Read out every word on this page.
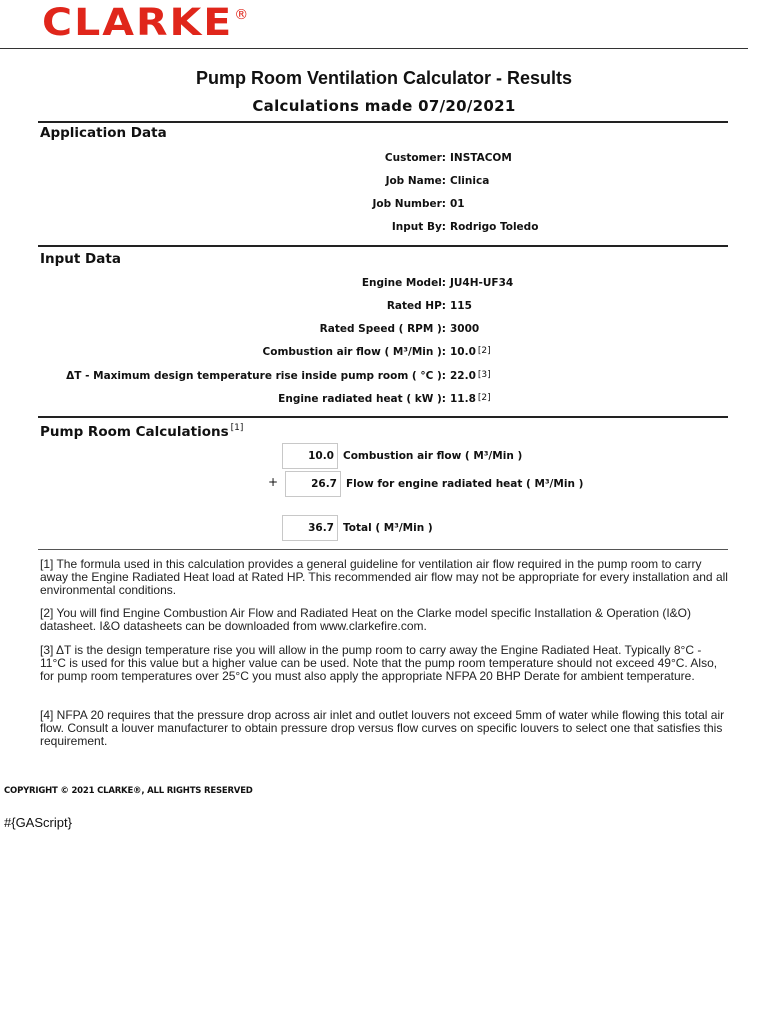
CLARKE ®
Pump Room Ventilation Calculator - Results
Calculations made 07/20/2021
Application Data
Customer: INSTACOM
Job Name: Clinica
Job Number: 01
Input By: Rodrigo Toledo
Input Data
Engine Model: JU4H-UF34
Rated HP: 115
Rated Speed ( RPM ): 3000
Combustion air flow ( M³/Min ): 10.0 [2]
ΔT - Maximum design temperature rise inside pump room ( °C ): 22.0 [3]
Engine radiated heat ( kW ): 11.8 [2]
Pump Room Calculations [1]
10.0 Combustion air flow ( M³/Min )
+	26.7 Flow for engine radiated heat ( M³/Min )
36.7 Total ( M³/Min )

[1] The formula used in this calculation provides a general guideline for ventilation air flow required in the pump room to carry away the Engine Radiated Heat load at Rated HP. This recommended air flow may not be appropriate for every installation and all environmental conditions.

[2] You will find Engine Combustion Air Flow and Radiated Heat on the Clarke model specific Installation & Operation (I&O) datasheet. I&O datasheets can be downloaded from www.clarkefire.com.

[3] ΔT is the design temperature rise you will allow in the pump room to carry away the Engine Radiated Heat. Typically 8°C - 11°C is used for this value but a higher value can be used. Note that the pump room temperature should not exceed 49°C. Also, for pump room temperatures over 25°C you must also apply the appropriate NFPA 20 BHP Derate for ambient temperature.

[4] NFPA 20 requires that the pressure drop across air inlet and outlet louvers not exceed 5mm of water while flowing this total air flow. Consult a louver manufacturer to obtain pressure drop versus flow curves on specific louvers to select one that satisfies this requirement.

COPYRIGHT © 2021 CLARKE®, ALL RIGHTS RESERVED
#{GAScript}
